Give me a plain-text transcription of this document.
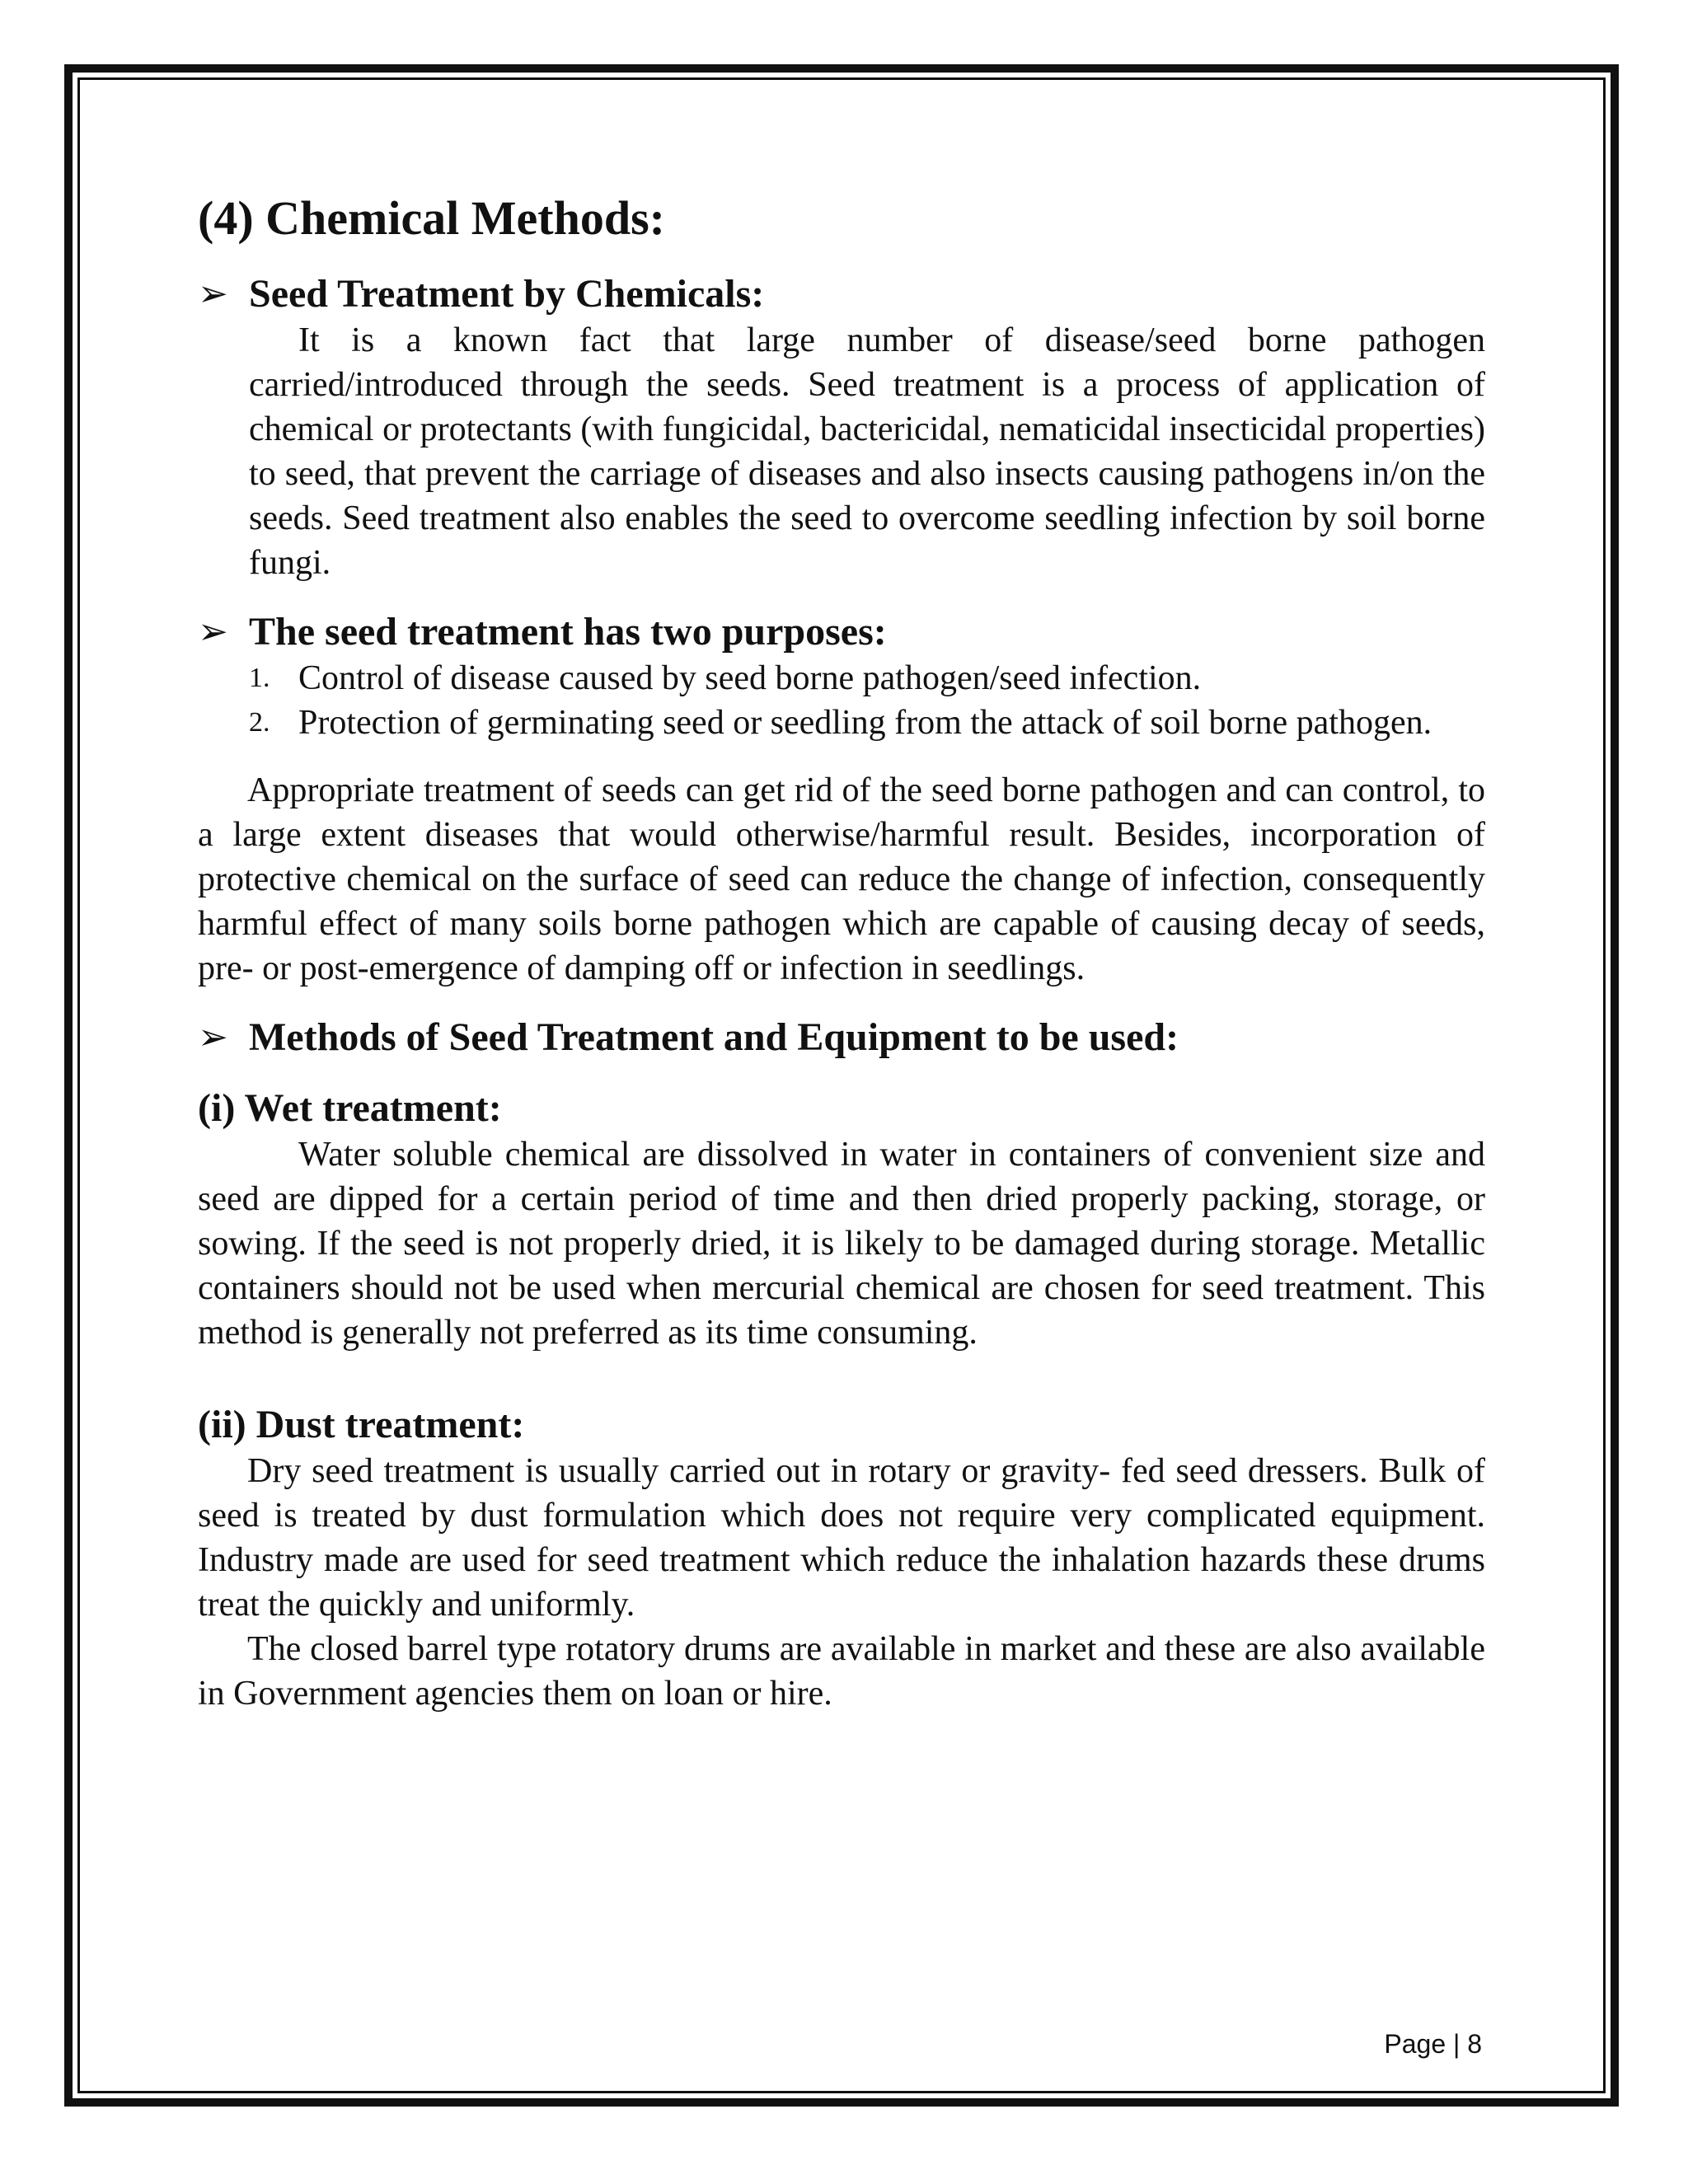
(4) Chemical Methods:
➢ Seed Treatment by Chemicals:

It is a known fact that large number of disease/seed borne pathogen carried/introduced through the seeds. Seed treatment is a process of application of chemical or protectants (with fungicidal, bactericidal, nematicidal insecticidal properties) to seed, that prevent the carriage of diseases and also insects causing pathogens in/on the seeds. Seed treatment also enables the seed to overcome seedling infection by soil borne fungi.

➢ The seed treatment has two purposes:
1. Control of disease caused by seed borne pathogen/seed infection.
2. Protection of germinating seed or seedling from the attack of soil borne pathogen.

Appropriate treatment of seeds can get rid of the seed borne pathogen and can control, to a large extent diseases that would otherwise/harmful result. Besides, incorporation of protective chemical on the surface of seed can reduce the change of infection, consequently harmful effect of many soils borne pathogen which are capable of causing decay of seeds, pre- or post-emergence of damping off or infection in seedlings.

➢ Methods of Seed Treatment and Equipment to be used:
(i) Wet treatment:

Water soluble chemical are dissolved in water in containers of convenient size and seed are dipped for a certain period of time and then dried properly packing, storage, or sowing. If the seed is not properly dried, it is likely to be damaged during storage. Metallic containers should not be used when mercurial chemical are chosen for seed treatment. This method is generally not preferred as its time consuming.

(ii) Dust treatment:

Dry seed treatment is usually carried out in rotary or gravity- fed seed dressers. Bulk of seed is treated by dust formulation which does not require very complicated equipment. Industry made are used for seed treatment which reduce the inhalation hazards these drums treat the quickly and uniformly.

The closed barrel type rotatory drums are available in market and these are also available in Government agencies them on loan or hire.

Page | 8
